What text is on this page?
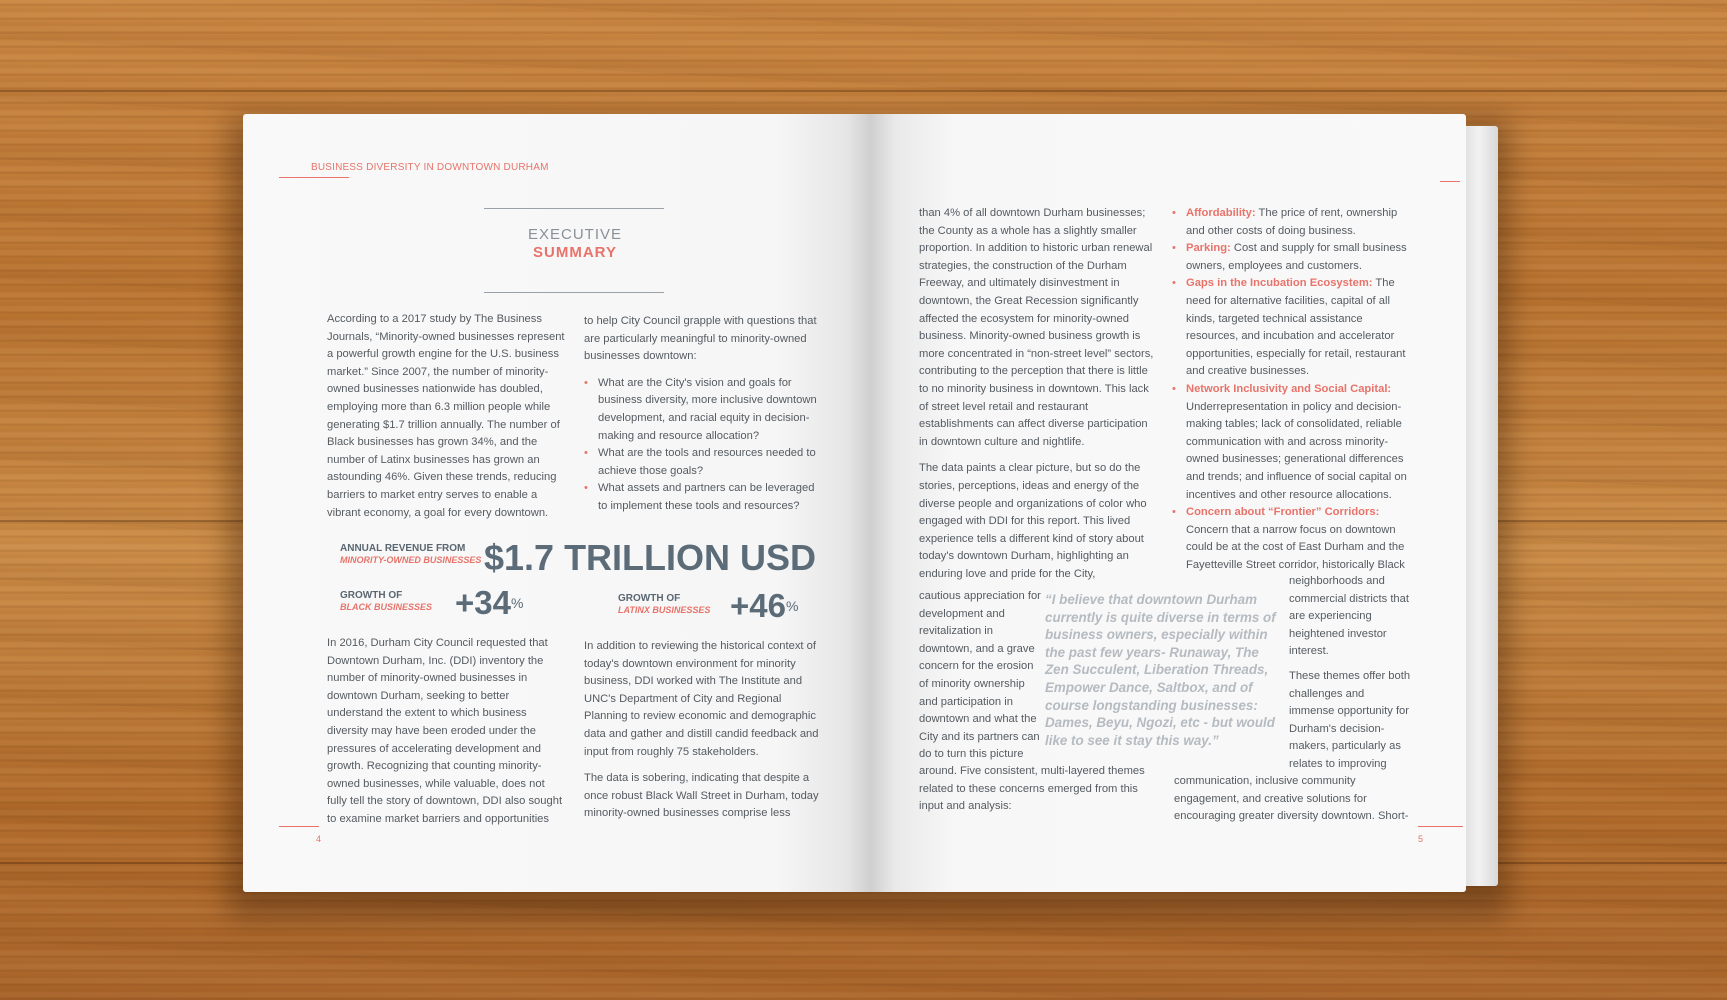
BUSINESS DIVERSITY IN DOWNTOWN DURHAM
EXECUTIVE
SUMMARY

According to a 2017 study by The Business Journals, “Minority-owned businesses represent a powerful growth engine for the U.S. business market.” Since 2007, the number of minority-owned businesses nationwide has doubled, employing more than 6.3 million people while generating $1.7 trillion annually. The number of Black businesses has grown 34%, and the number of Latinx businesses has grown an astounding 46%. Given these trends, reducing barriers to market entry serves to enable a vibrant economy, a goal for every downtown.

to help City Council grapple with questions that are particularly meaningful to minority-owned businesses downtown:

• What are the City's vision and goals for business diversity, more inclusive downtown development, and racial equity in decision-making and resource allocation?
• What are the tools and resources needed to achieve those goals?
• What assets and partners can be leveraged to implement these tools and resources?
ANNUAL REVENUE FROM
MINORITY-OWNED BUSINESSES $1.7 TRILLION USD
GROWTH OF
BLACK BUSINESSES +34%	GROWTH OF
LATINX BUSINESSES +46%

In 2016, Durham City Council requested that Downtown Durham, Inc. (DDI) inventory the number of minority-owned businesses in downtown Durham, seeking to better understand the extent to which business diversity may have been eroded under the pressures of accelerating development and growth. Recognizing that counting minority-owned businesses, while valuable, does not fully tell the story of downtown, DDI also sought to examine market barriers and opportunities

In addition to reviewing the historical context of today's downtown environment for minority business, DDI worked with The Institute and UNC's Department of City and Regional Planning to review economic and demographic data and gather and distill candid feedback and input from roughly 75 stakeholders.

The data is sobering, indicating that despite a once robust Black Wall Street in Durham, today minority-owned businesses comprise less

4

than 4% of all downtown Durham businesses; the County as a whole has a slightly smaller proportion. In addition to historic urban renewal strategies, the construction of the Durham Freeway, and ultimately disinvestment in downtown, the Great Recession significantly affected the ecosystem for minority-owned business. Minority-owned business growth is more concentrated in “non-street level” sectors, contributing to the perception that there is little to no minority business in downtown. This lack of street level retail and restaurant establishments can affect diverse participation in downtown culture and nightlife.

The data paints a clear picture, but so do the stories, perceptions, ideas and energy of the diverse people and organizations of color who engaged with DDI for this report. This lived experience tells a different kind of story about today's downtown Durham, highlighting an enduring love and pride for the City,

cautious appreciation for development and revitalization in downtown, and a grave concern for the erosion of minority ownership and participation in downtown and what the City and its partners can do to turn this picture
“I believe that downtown Durham currently is quite diverse in terms of business owners, especially within the past few years- Runaway, The Zen Succulent, Liberation Threads, Empower Dance, Saltbox, and of course longstanding businesses: Dames, Beyu, Ngozi, etc - but would like to see it stay this way.”
around. Five consistent, multi-layered themes related to these concerns emerged from this input and analysis:
• Affordability: The price of rent, ownership and other costs of doing business.
• Parking: Cost and supply for small business owners, employees and customers.
• Gaps in the Incubation Ecosystem: The need for alternative facilities, capital of all kinds, targeted technical assistance resources, and incubation and accelerator opportunities, especially for retail, restaurant and creative businesses.
• Network Inclusivity and Social Capital: Underrepresentation in policy and decision-making tables; lack of consolidated, reliable communication with and across minority-owned businesses; generational differences and trends; and influence of social capital on incentives and other resource allocations.
• Concern about “Frontier” Corridors: Concern that a narrow focus on downtown could be at the cost of East Durham and the Fayetteville Street corridor, historically Black

neighborhoods and commercial districts that are experiencing heightened investor interest.

These themes offer both challenges and immense opportunity for Durham's decision-makers, particularly as relates to improving

communication, inclusive community engagement, and creative solutions for encouraging greater diversity downtown. Short-
5
